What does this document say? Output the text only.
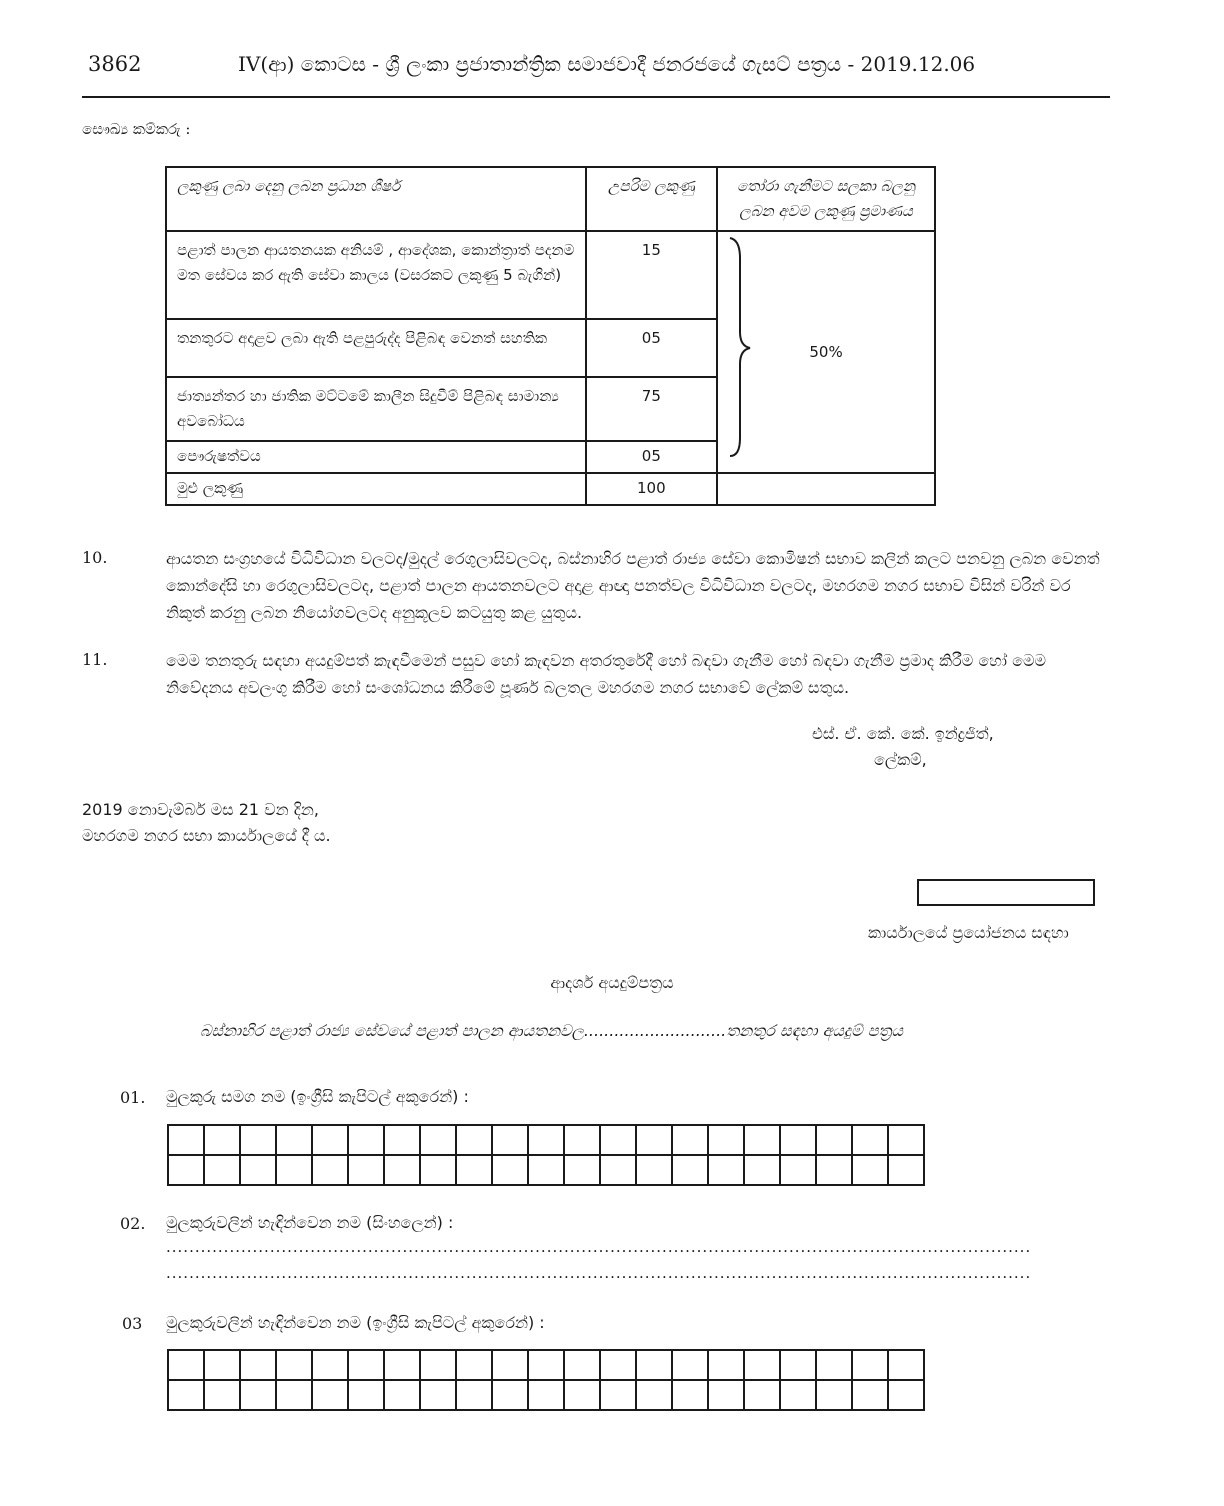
3862	IV(ආ) කොටස - ශ්‍රී ලංකා ප්‍රජාතාන්ත්‍රික සමාජවාදී ජනරජයේ ගැසට් පත්‍රය - 2019.12.06
සෞඛ්‍ය කම්කරු :
ලකුණු ලබා දෙනු ලබන ප්‍රධාන ශීර්ෂ	උපරිම ලකුණු	තෝරා ගැනීමට සලකා බලනු ලබන අවම ලකුණු ප්‍රමාණය
පළාත් පාලන ආයතනයක අනියම් , ආදේශක, කොන්ත්‍රාත් පදනම මත සේවය කර ඇති සේවා කාලය (වසරකට ලකුණු 5 බැගින්)	15	50%

තනතුරට අදාළව ලබා ඇති පළපුරුද්ද පිළිබඳ වෙනත් සහතික	05	
ජාත්‍යන්තර හා ජාතික මට්ටමේ කාලීන සිදුවීම් පිළිබඳ සාමාන්‍ය අවබෝධය	75	
පෞරුෂත්වය	05	
මුළු ලකුණු	100	
10.	ආයතන සංග්‍රහයේ විධිවිධාන වලටද/මුදල් රෙගුලාසිවලටද, බස්නාහිර පළාත් රාජ්‍ය සේවා කොමිෂන් සභාව කලින් කලට පනවනු ලබන වෙනත් කොන්දේසි හා රෙගුලාසිවලටද, පළාත් පාලන ආයතනවලට අදාළ ආඥා පනත්වල විධිවිධාන වලටද, මහරගම නගර සභාව විසින් වරින් වර නිකුත් කරනු ලබන නියෝගවලටද අනුකූලව කටයුතු කළ යුතුය.
11.	මෙම තනතුරු සඳහා අයදුම්පත් කැඳවීමෙන් පසුව හෝ කැඳවන අතරතුරේදී හෝ බඳවා ගැනීම හෝ බඳවා ගැනීම ප්‍රමාද කිරීම හෝ මෙම නිවේදනය අවලංගු කිරීම හෝ සංශෝධනය කිරීමේ පූර්ණ බලතල මහරගම නගර සභාවේ ලේකම් සතුය.
එස්. ඒ. කේ. කේ. ඉන්ද්‍රජිත්,
ලේකම්,
2019 නොවැම්බර් මස 21 වන දින,
මහරගම නගර සභා කාර්යාලයේ දී ය.
කාර්යාලයේ ප්‍රයෝජනය සඳහා
ආදර්ශ අයදුම්පත්‍රය
බස්නාහිර පළාත් රාජ්‍ය සේවයේ පළාත් පාලන ආයතනවල............................තනතුර සඳහා අයදුම් පත්‍රය
01. මුලකුරු සමග නම (ඉංග්‍රීසි කැපිටල් අකුරෙන්) :

02. මුලකුරුවලින් හැඳින්වෙන නම (සිංහලෙන්) :
......................................................................................................................................................
......................................................................................................................................................
03 මුලකුරුවලින් හැඳින්වෙන නම (ඉංග්‍රීසි කැපිටල් අකුරෙන්) :
